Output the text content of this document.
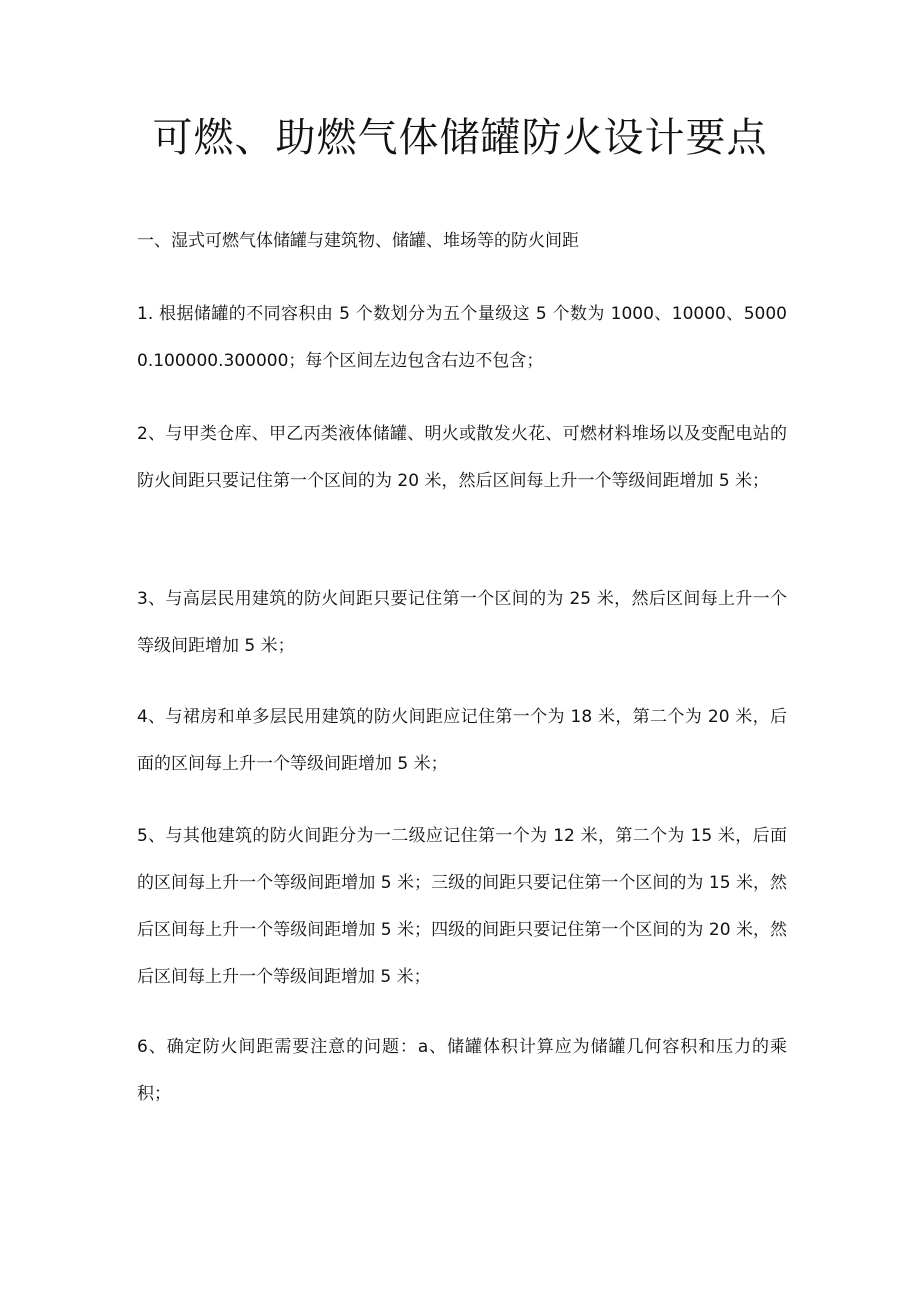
可燃、助燃气体储罐防火设计要点

一、湿式可燃气体储罐与建筑物、储罐、堆场等的防火间距

1. 根据储罐的不同容积由 5 个数划分为五个量级这 5 个数为 1000、10000、50000.100000.300000；每个区间左边包含右边不包含；

2、与甲类仓库、甲乙丙类液体储罐、明火或散发火花、可燃材料堆场以及变配电站的防火间距只要记住第一个区间的为 20 米，然后区间每上升一个等级间距增加 5 米；

3、与高层民用建筑的防火间距只要记住第一个区间的为 25 米，然后区间每上升一个等级间距增加 5 米；

4、与裙房和单多层民用建筑的防火间距应记住第一个为 18 米，第二个为 20 米，后面的区间每上升一个等级间距增加 5 米；

5、与其他建筑的防火间距分为一二级应记住第一个为 12 米，第二个为 15 米，后面的区间每上升一个等级间距增加 5 米；三级的间距只要记住第一个区间的为 15 米，然后区间每上升一个等级间距增加 5 米；四级的间距只要记住第一个区间的为 20 米，然后区间每上升一个等级间距增加 5 米；

6、确定防火间距需要注意的问题：a、储罐体积计算应为储罐几何容积和压力的乘积；
